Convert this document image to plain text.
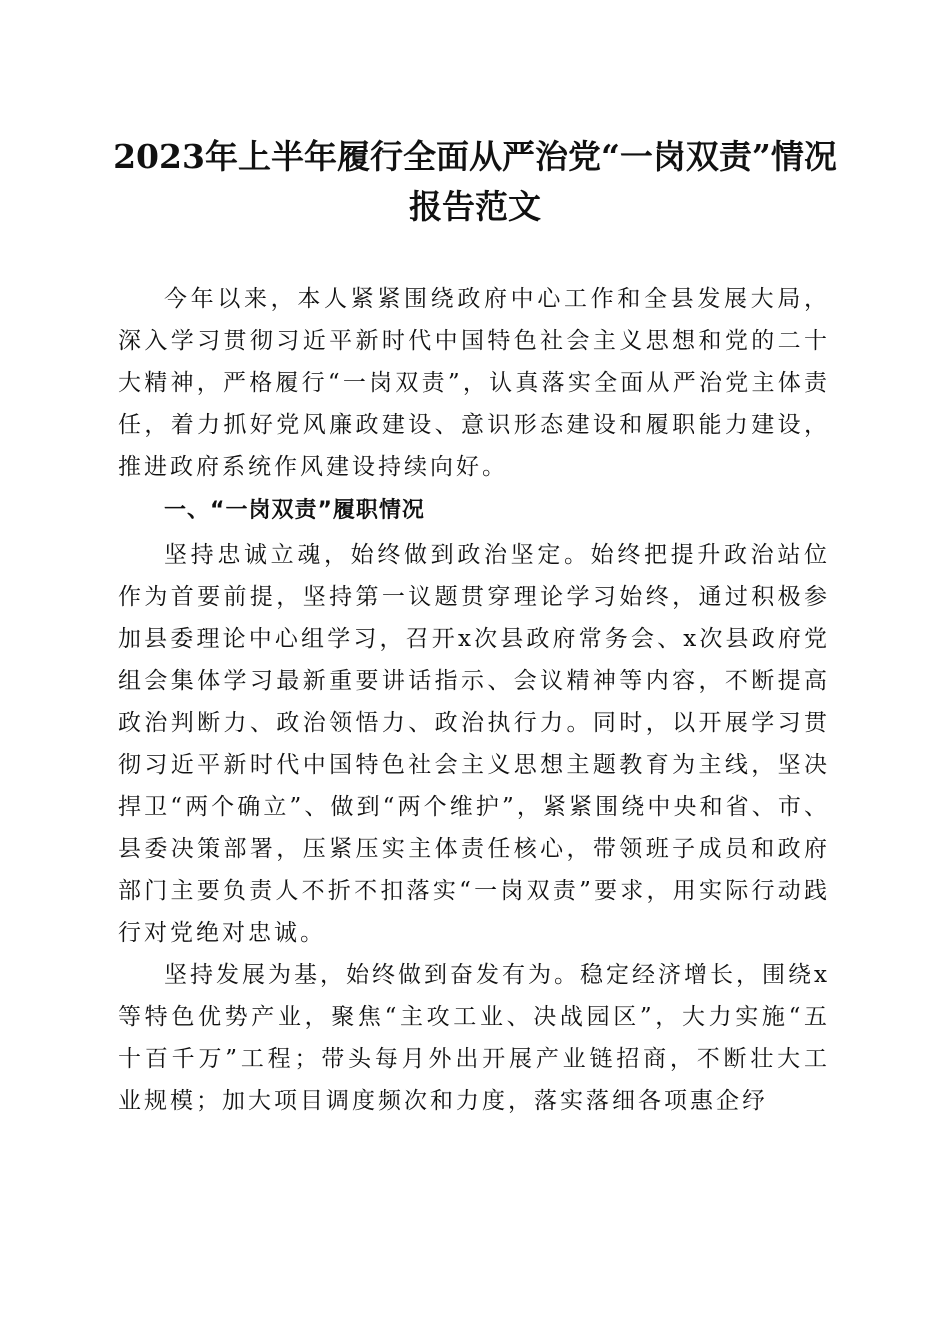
2023年上半年履行全面从严治党“一岗双责”情况报告范文

今年以来，本人紧紧围绕政府中心工作和全县发展大局，深入学习贯彻习近平新时代中国特色社会主义思想和党的二十大精神，严格履行“一岗双责”，认真落实全面从严治党主体责任，着力抓好党风廉政建设、意识形态建设和履职能力建设，推进政府系统作风建设持续向好。

一、“一岗双责”履职情况

坚持忠诚立魂，始终做到政治坚定。始终把提升政治站位作为首要前提，坚持第一议题贯穿理论学习始终，通过积极参加县委理论中心组学习，召开x次县政府常务会、x次县政府党组会集体学习最新重要讲话指示、会议精神等内容，不断提高政治判断力、政治领悟力、政治执行力。同时，以开展学习贯彻习近平新时代中国特色社会主义思想主题教育为主线，坚决捍卫“两个确立”、做到“两个维护”，紧紧围绕中央和省、市、县委决策部署，压紧压实主体责任核心，带领班子成员和政府部门主要负责人不折不扣落实“一岗双责”要求，用实际行动践行对党绝对忠诚。

坚持发展为基，始终做到奋发有为。稳定经济增长，围绕x等特色优势产业，聚焦“主攻工业、决战园区”，大力实施“五十百千万”工程；带头每月外出开展产业链招商，不断壮大工业规模；加大项目调度频次和力度，落实落细各项惠企纾
